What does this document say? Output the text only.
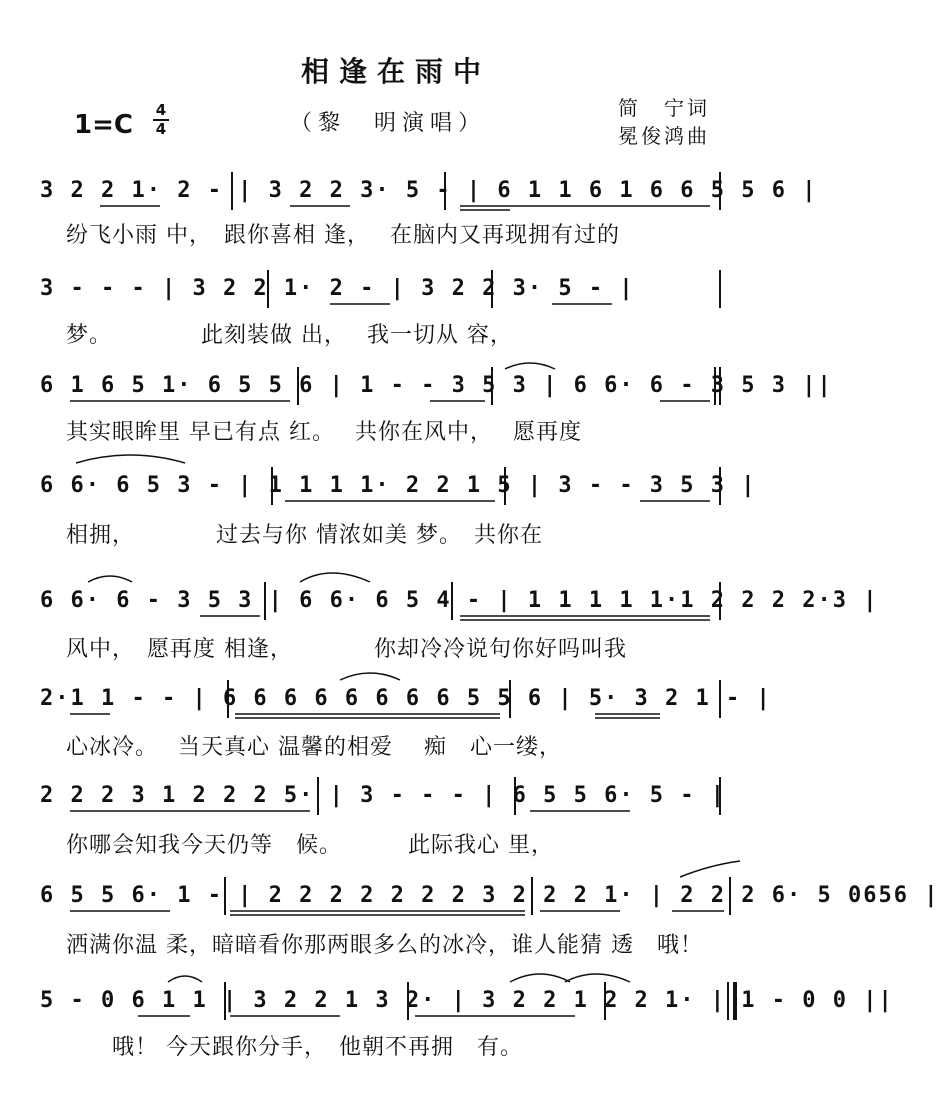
相逢在雨中
1=C	4
4	（黎　明演唱）
简　宁词
冕俊鸿曲
3 2 2 1· 2 - | 3 2 2 3· 5 - | 6 1 1 6 1 6 6 5 5 6 |
纷飞小雨 中，　跟你喜相 逢，　 在脑内又再现拥有过的
3 - - - | 3 2 2 1· 2 - | 3 2 2 3· 5 - |
梦。　　　　 此刻装做 出，　 我一切从 容，
6 1 6 5 1· 6 5 5 6 | 1 - - 3 5 3 | 6 6· 6 - 3 5 3 ||
其实眼眸里 早已有点 红。　 共你在风中，　 愿再度
6 6· 6 5 3 - | 1 1 1 1· 2 2 1 5 | 3 - - 3 5 3 |
相拥，　　　　过去与你 情浓如美 梦。　共你在
6 6· 6 - 3 5 3 | 6 6· 6 5 4 - | 1 1 1 1 1·1 2 2 2 2·3 |
风中，　愿再度 相逢，　　　　你却冷冷说句你好吗叫我
2·1 1 - - | 6 6 6 6 6 6 6 6 5 5 6 | 5· 3 2 1 - |
心冰冷。　 当天真心 温馨的相爱　 痴　心一缕，
2 2 2 3 1 2 2 2 5· | 3 - - - | 6 5 5 6· 5 - |
你哪会知我今天仍等　候。　　　 此际我心 里，
6 5 5 6· 1 - | 2 2 2 2 2 2 2 3 2 2 2 1· | 2 2 2 6· 5 0656 |
洒满你温 柔，暗暗看你那两眼多么的冰冷，谁人能猜 透　哦！
5 - 0 6 1 1 | 3 2 2 1 3 2· | 3 2 2 1 2 2 1· | 1 - 0 0 ||
　　哦！ 今天跟你分手，　他朝不再拥　有。
